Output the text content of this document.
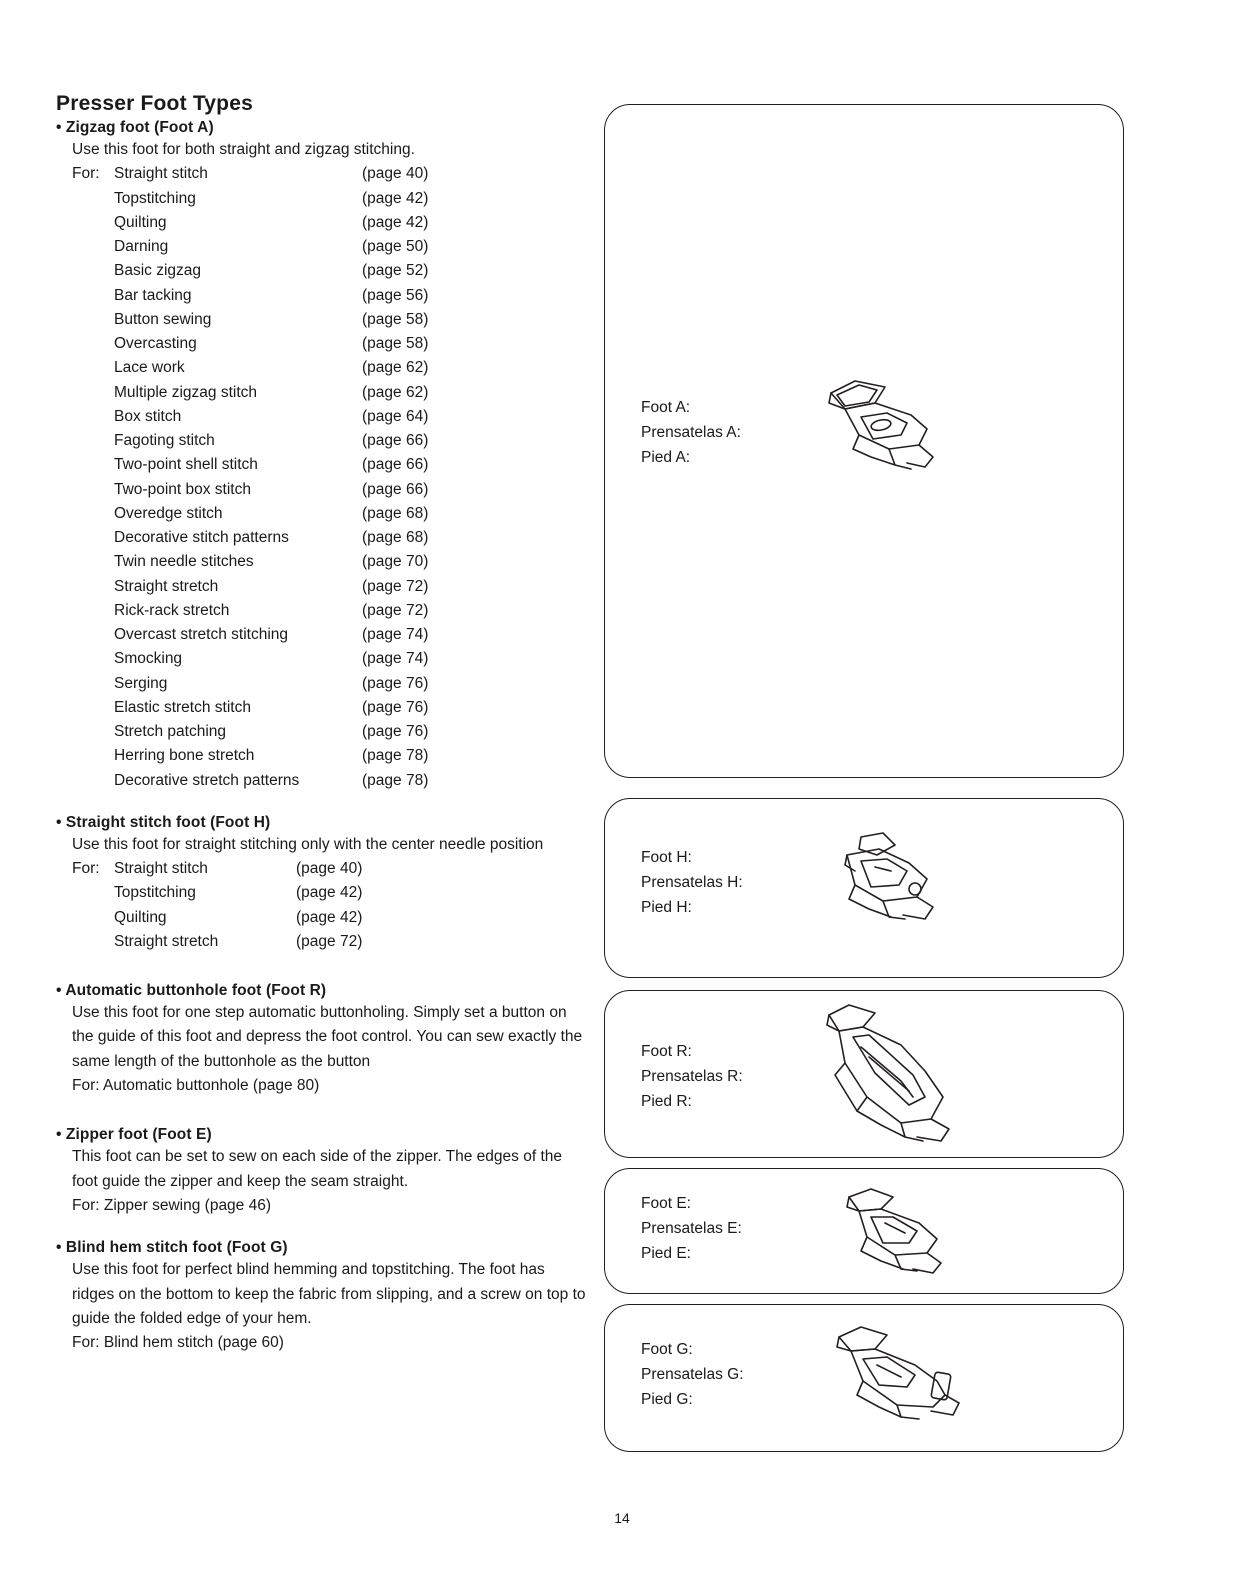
Presser Foot Types
• Zigzag foot (Foot A)

Use this foot for both straight and zigzag stitching.

For: Straight stitch	(page 40)
Topstitching	(page 42)
Quilting	(page 42)
Darning	(page 50)
Basic zigzag	(page 52)
Bar tacking	(page 56)
Button sewing	(page 58)
Overcasting	(page 58)
Lace work	(page 62)
Multiple zigzag stitch	(page 62)
Box stitch	(page 64)
Fagoting stitch	(page 66)
Two-point shell stitch	(page 66)
Two-point box stitch	(page 66)
Overedge stitch	(page 68)
Decorative stitch patterns	(page 68)
Twin needle stitches	(page 70)
Straight stretch	(page 72)
Rick-rack stretch	(page 72)
Overcast stretch stitching	(page 74)
Smocking	(page 74)
Serging	(page 76)
Elastic stretch stitch	(page 76)
Stretch patching	(page 76)
Herring bone stretch	(page 78)
Decorative stretch patterns	(page 78)
• Straight stitch foot (Foot H)

Use this foot for straight stitching only with the center needle position

For: Straight stitch	(page 40)
Topstitching	(page 42)
Quilting	(page 42)
Straight stretch	(page 72)
• Automatic buttonhole foot (Foot R)

Use this foot for one step automatic buttonholing. Simply set a button on the guide of this foot and depress the foot control. You can sew exactly the same length of the buttonhole as the button

For: Automatic buttonhole (page 80)

• Zipper foot (Foot E)

This foot can be set to sew on each side of the zipper. The edges of the foot guide the zipper and keep the seam straight.

For: Zipper sewing (page 46)

• Blind hem stitch foot (Foot G)

Use this foot for perfect blind hemming and topstitching. The foot has ridges on the bottom to keep the fabric from slipping, and a screw on top to guide the folded edge of your hem.

For: Blind hem stitch (page 60)

Foot A:
Prensatelas A:
Pied A:
Foot H:
Prensatelas H:
Pied H:
Foot R:
Prensatelas R:
Pied R:
Foot E:
Prensatelas E:
Pied E:
Foot G:
Prensatelas G:
Pied G:
14
